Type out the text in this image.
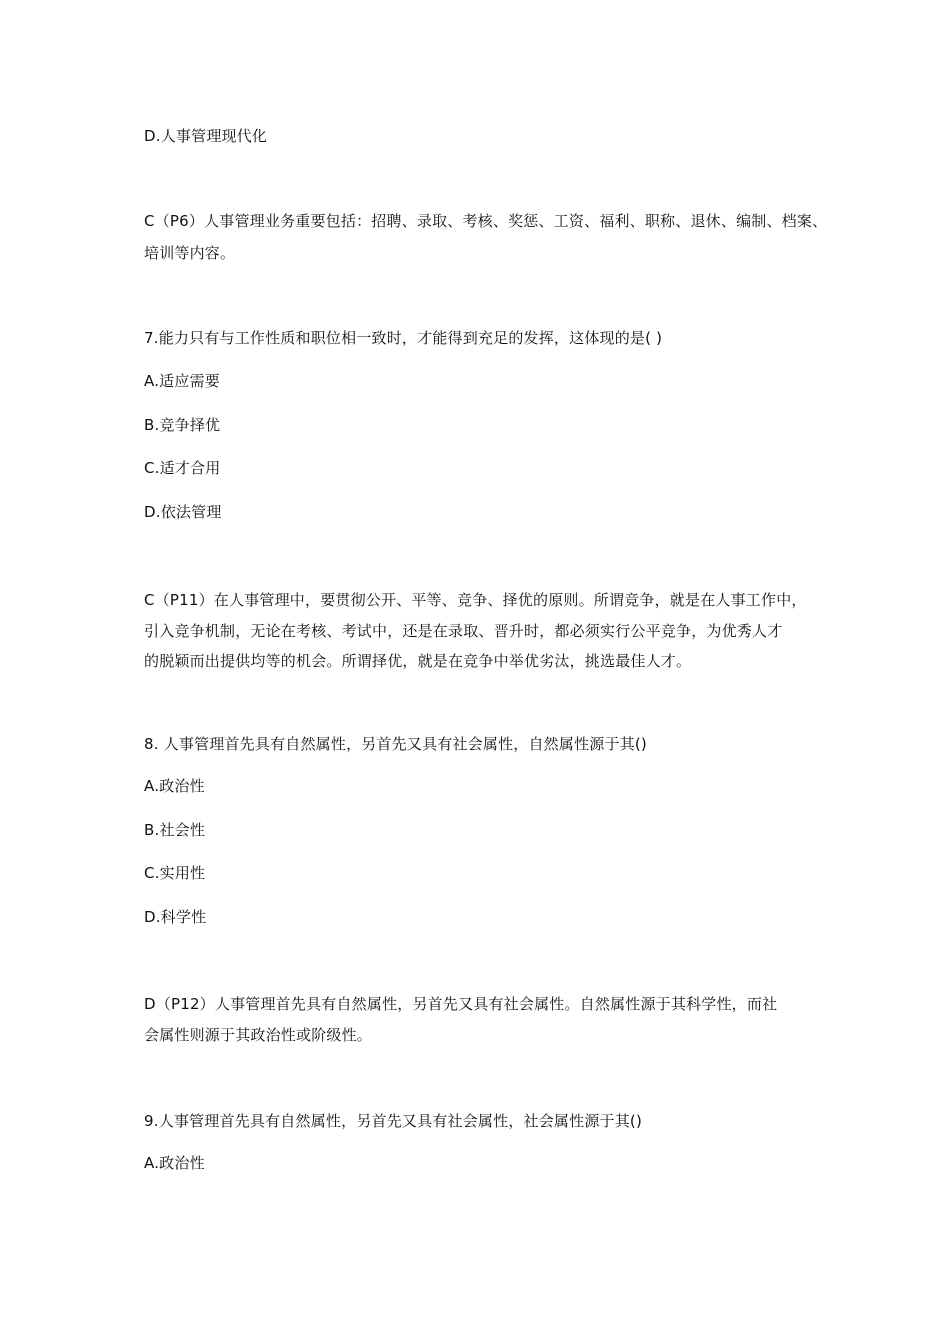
D.人事管理现代化
C（P6）人事管理业务重要包括：招聘、录取、考核、奖惩、工资、福利、职称、退休、编制、档案、
培训等内容。
7.能力只有与工作性质和职位相一致时，才能得到充足的发挥，这体现的是( )
A.适应需要
B.竞争择优
C.适才合用
D.依法管理
C（P11）在人事管理中，要贯彻公开、平等、竞争、择优的原则。所谓竞争，就是在人事工作中，
引入竞争机制，无论在考核、考试中，还是在录取、晋升时，都必须实行公平竞争，为优秀人才
的脱颖而出提供均等的机会。所谓择优，就是在竞争中举优劣汰，挑选最佳人才。
8. 人事管理首先具有自然属性，另首先又具有社会属性，自然属性源于其()
A.政治性
B.社会性
C.实用性
D.科学性
D（P12）人事管理首先具有自然属性，另首先又具有社会属性。自然属性源于其科学性，而社
会属性则源于其政治性或阶级性。
9.人事管理首先具有自然属性，另首先又具有社会属性，社会属性源于其()
A.政治性
